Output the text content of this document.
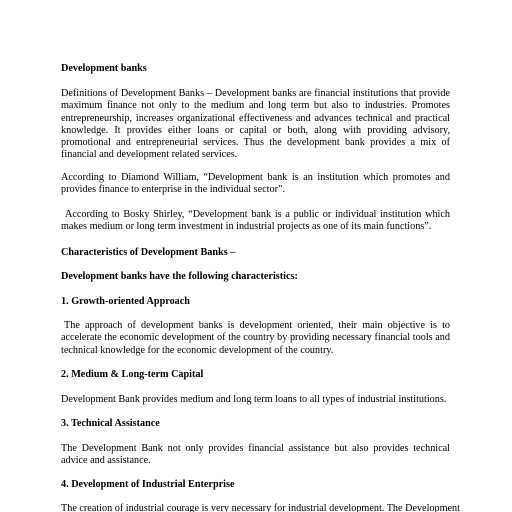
Development banks

Definitions of Development Banks – Development banks are financial institutions that provide maximum finance not only to the medium and long term but also to industries. Promotes entrepreneurship, increases organizational effectiveness and advances technical and practical knowledge. It provides either loans or capital or both, along with providing advisory, promotional and entrepreneurial services. Thus the development bank provides a mix of financial and development related services.

According to Diamond William, “Development bank is an institution which promotes and provides finance to enterprise in the individual sector”.

According to Bosky Shirley, “Development bank is a public or individual institution which makes medium or long term investment in industrial projects as one of its main functions”.

Characteristics of Development Banks –

Development banks have the following characteristics:

1. Growth-oriented Approach

The approach of development banks is development oriented, their main objective is to accelerate the economic development of the country by providing necessary financial tools and technical knowledge for the economic development of the country.

2. Medium & Long-term Capital

Development Bank provides medium and long term loans to all types of industrial institutions.

3. Technical Assistance

The Development Bank not only provides financial assistance but also provides technical advice and assistance.

4. Development of Industrial Enterprise

The creation of industrial courage is very necessary for industrial development. The Development
